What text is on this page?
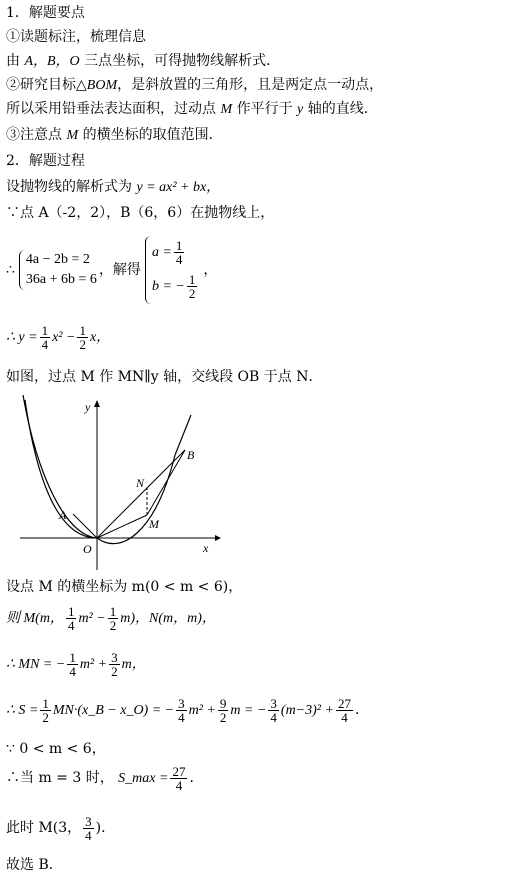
1．解题要点
①读题标注，梳理信息
由 A，B，O 三点坐标，可得抛物线解析式．
②研究目标△BOM，是斜放置的三角形，且是两定点一动点，
所以采用铅垂法表达面积，过动点 M 作平行于 y 轴的直线．
③注意点 M 的横坐标的取值范围．
2．解题过程
设抛物线的解析式为 y = ax² + bx，
∵点 A（-2，2），B（6，6）在抛物线上，
∴
4a − 2b = 2
36a + 6b = 6
，解得
$a = \frac{1}{4}$
b = − $\frac{1}{2}$
，
∴ $y = \frac{1}{4} x^2 - \frac{1}{2}$ x，
如图，过点 M 作 MN∥y 轴，交线段 OB 于点 N．
y
x
O
A
B
N
M
设点 M 的横坐标为 m(0 < m < 6)，
则 M(m， $\frac{1}{4} m^2 - \frac{1}{2} m$)，N(m，m)，
∴ MN = − $\frac{1}{4} m^2 + \frac{3}{2}$ m，
∴ $S = \frac{1}{2}$ MN·(x_B − x_O) = − $\frac{3}{4} m^2 + \frac{9}{2}$ m = − $\frac{3}{4} (m-3)^2 + \frac{27}{4}$ ．
∵ 0 < m < 6，
∴当 m = 3 时， S_max = $\frac{27}{4}$ ．
此时 M(3， $\frac{3}{4}$ )．
故选 B．
